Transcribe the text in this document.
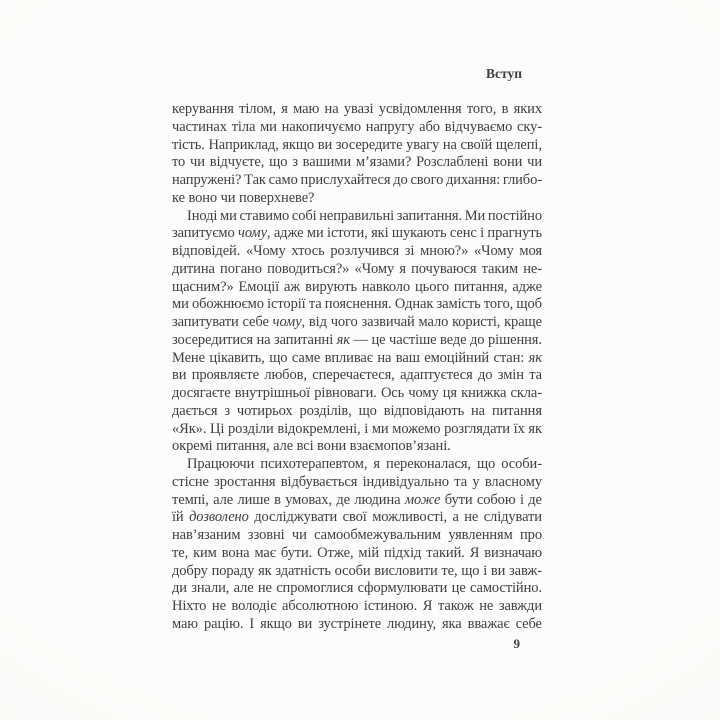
Вступ
керування тілом, я маю на увазі усвідомлення того, в яких
частинах тіла ми накопичуємо напругу або відчуваємо ску-
тість. Наприклад, якщо ви зосередите увагу на своїй щелепі,
то чи відчуєте, що з вашими м’язами? Розслаблені вони чи
напружені? Так само прислухайтеся до свого дихання: глибо-
ке воно чи поверхневе?
Іноді ми ставимо собі неправильні запитання. Ми постійно
запитуємо чому, адже ми істоти, які шукають сенс і прагнуть
відповідей. «Чому хтось розлучився зі мною?» «Чому моя
дитина погано поводиться?» «Чому я почуваюся таким не-
щасним?» Емоції аж вирують навколо цього питання, адже
ми обожнюємо історії та пояснення. Однак замість того, щоб
запитувати себе чому, від чого зазвичай мало користі, краще
зосередитися на запитанні як — це частіше веде до рішення.
Мене цікавить, що саме впливає на ваш емоційний стан: як
ви проявляєте любов, сперечаєтеся, адаптуєтеся до змін та
досягаєте внутрішньої рівноваги. Ось чому ця книжка скла-
дається з чотирьох розділів, що відповідають на питання
«Як». Ці розділи відокремлені, і ми можемо розглядати їх як
окремі питання, але всі вони взаємопов’язані.
Працюючи психотерапевтом, я переконалася, що особи-
стісне зростання відбувається індивідуально та у власному
темпі, але лише в умовах, де людина може бути собою і де
їй дозволено досліджувати свої можливості, а не слідувати
нав’язаним ззовні чи самообмежувальним уявленням про
те, ким вона має бути. Отже, мій підхід такий. Я визначаю
добру пораду як здатність особи висловити те, що і ви завж-
ди знали, але не спромоглися сформулювати це самостійно.
Ніхто не володіє абсолютною істиною. Я також не завжди
маю рацію. І якщо ви зустрінете людину, яка вважає себе
9
